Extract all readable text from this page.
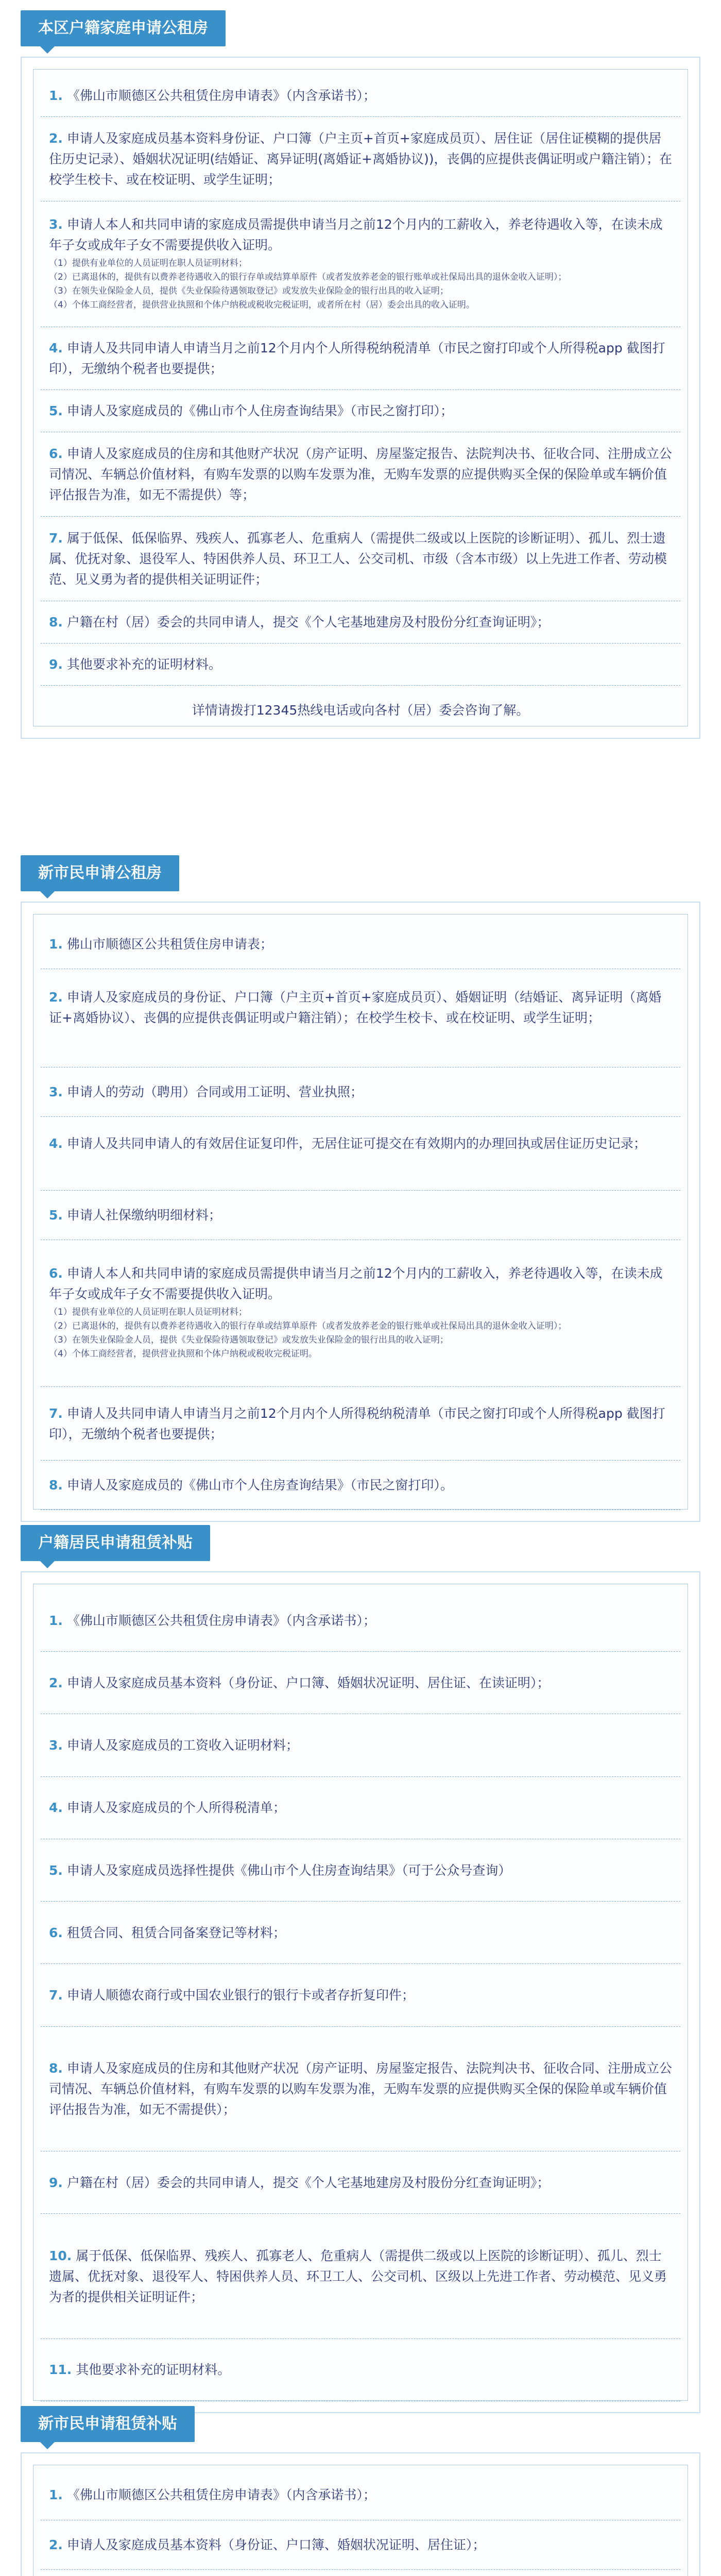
本区户籍家庭申请公租房
1. 《佛山市顺德区公共租赁住房申请表》（内含承诺书）；
2. 申请人及家庭成员基本资料身份证、户口簿（户主页+首页+家庭成员页）、居住证（居住证模糊的提供居住历史记录）、婚姻状况证明(结婚证、离异证明(离婚证+离婚协议))，丧偶的应提供丧偶证明或户籍注销）；在校学生校卡、或在校证明、或学生证明；
3. 申请人本人和共同申请的家庭成员需提供申请当月之前12个月内的工薪收入，养老待遇收入等，在读未成年子女或成年子女不需要提供收入证明。
（1）提供有业单位的人员证明在职人员证明材料；
（2）已离退休的，提供有以费养老待遇收入的银行存单或结算单原件（或者发放养老金的银行账单或社保局出具的退休金收入证明）；
（3）在领失业保险金人员，提供《失业保险待遇领取登记》或发放失业保险金的银行出具的收入证明；
（4）个体工商经营者，提供营业执照和个体户纳税或税收完税证明，或者所在村（居）委会出具的收入证明。
4. 申请人及共同申请人申请当月之前12个月内个人所得税纳税清单（市民之窗打印或个人所得税app 截图打印），无缴纳个税者也要提供；
5. 申请人及家庭成员的《佛山市个人住房查询结果》（市民之窗打印）；
6. 申请人及家庭成员的住房和其他财产状况（房产证明、房屋鉴定报告、法院判决书、征收合同、注册成立公司情况、车辆总价值材料，有购车发票的以购车发票为准，无购车发票的应提供购买全保的保险单或车辆价值评估报告为准，如无不需提供）等；
7. 属于低保、低保临界、残疾人、孤寡老人、危重病人（需提供二级或以上医院的诊断证明）、孤儿、烈士遗属、优抚对象、退役军人、特困供养人员、环卫工人、公交司机、市级（含本市级）以上先进工作者、劳动模范、见义勇为者的提供相关证明证件；
8. 户籍在村（居）委会的共同申请人，提交《个人宅基地建房及村股份分红查询证明》；
9. 其他要求补充的证明材料。
详情请拨打12345热线电话或向各村（居）委会咨询了解。
新市民申请公租房
1. 佛山市顺德区公共租赁住房申请表；
2. 申请人及家庭成员的身份证、户口簿（户主页+首页+家庭成员页）、婚姻证明（结婚证、离异证明（离婚证+离婚协议）、丧偶的应提供丧偶证明或户籍注销）；在校学生校卡、或在校证明、或学生证明；
3. 申请人的劳动（聘用）合同或用工证明、营业执照；
4. 申请人及共同申请人的有效居住证复印件，无居住证可提交在有效期内的办理回执或居住证历史记录；
5. 申请人社保缴纳明细材料；
6. 申请人本人和共同申请的家庭成员需提供申请当月之前12个月内的工薪收入，养老待遇收入等，在读未成年子女或成年子女不需要提供收入证明。
（1）提供有业单位的人员证明在职人员证明材料；
（2）已离退休的，提供有以费养老待遇收入的银行存单或结算单原件（或者发放养老金的银行账单或社保局出具的退休金收入证明）；
（3）在领失业保险金人员，提供《失业保险待遇领取登记》或发放失业保险金的银行出具的收入证明；
（4）个体工商经营者，提供营业执照和个体户纳税或税收完税证明。
7. 申请人及共同申请人申请当月之前12个月内个人所得税纳税清单（市民之窗打印或个人所得税app 截图打印），无缴纳个税者也要提供；
8. 申请人及家庭成员的《佛山市个人住房查询结果》（市民之窗打印）。
户籍居民申请租赁补贴
1. 《佛山市顺德区公共租赁住房申请表》（内含承诺书）；
2. 申请人及家庭成员基本资料（身份证、户口簿、婚姻状况证明、居住证、在读证明）；
3. 申请人及家庭成员的工资收入证明材料；
4. 申请人及家庭成员的个人所得税清单；
5. 申请人及家庭成员选择性提供《佛山市个人住房查询结果》（可于公众号查询）
6. 租赁合同、租赁合同备案登记等材料；
7. 申请人顺德农商行或中国农业银行的银行卡或者存折复印件；
8. 申请人及家庭成员的住房和其他财产状况（房产证明、房屋鉴定报告、法院判决书、征收合同、注册成立公司情况、车辆总价值材料，有购车发票的以购车发票为准，无购车发票的应提供购买全保的保险单或车辆价值评估报告为准，如无不需提供）；
9. 户籍在村（居）委会的共同申请人，提交《个人宅基地建房及村股份分红查询证明》；
10. 属于低保、低保临界、残疾人、孤寡老人、危重病人（需提供二级或以上医院的诊断证明）、孤儿、烈士遗属、优抚对象、退役军人、特困供养人员、环卫工人、公交司机、区级以上先进工作者、劳动模范、见义勇为者的提供相关证明证件；
11. 其他要求补充的证明材料。
新市民申请租赁补贴
1. 《佛山市顺德区公共租赁住房申请表》（内含承诺书）；
2. 申请人及家庭成员基本资料（身份证、户口簿、婚姻状况证明、居住证）；
